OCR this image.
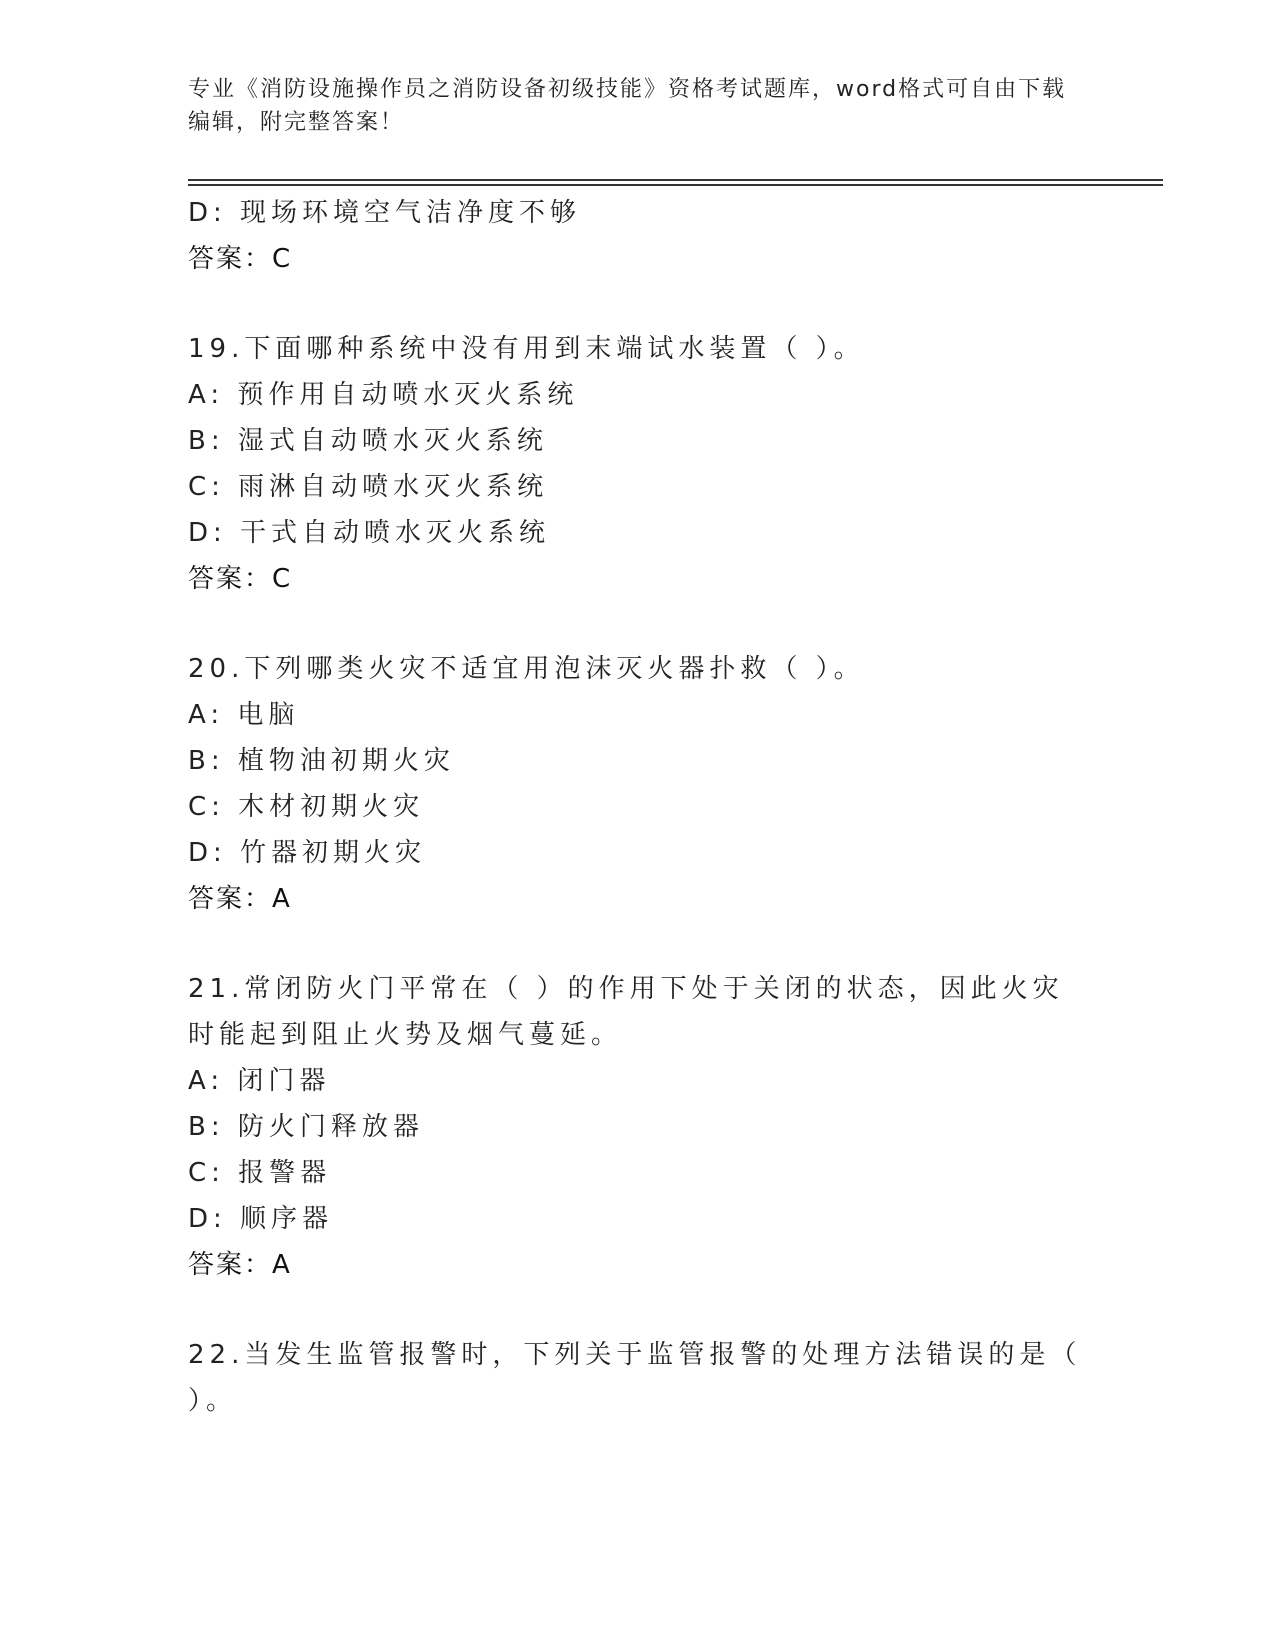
专业《消防设施操作员之消防设备初级技能》资格考试题库，word格式可自由下载编辑，附完整答案！
D: 现场环境空气洁净度不够
答案：C
19.下面哪种系统中没有用到末端试水装置（ ）。
A: 预作用自动喷水灭火系统
B: 湿式自动喷水灭火系统
C: 雨淋自动喷水灭火系统
D: 干式自动喷水灭火系统
答案：C
20.下列哪类火灾不适宜用泡沫灭火器扑救（ ）。
A: 电脑
B: 植物油初期火灾
C: 木材初期火灾
D: 竹器初期火灾
答案：A
21.常闭防火门平常在（ ）的作用下处于关闭的状态，因此火灾时能起到阻止火势及烟气蔓延。
A: 闭门器
B: 防火门释放器
C: 报警器
D: 顺序器
答案：A
22.当发生监管报警时，下列关于监管报警的处理方法错误的是（ ）。
